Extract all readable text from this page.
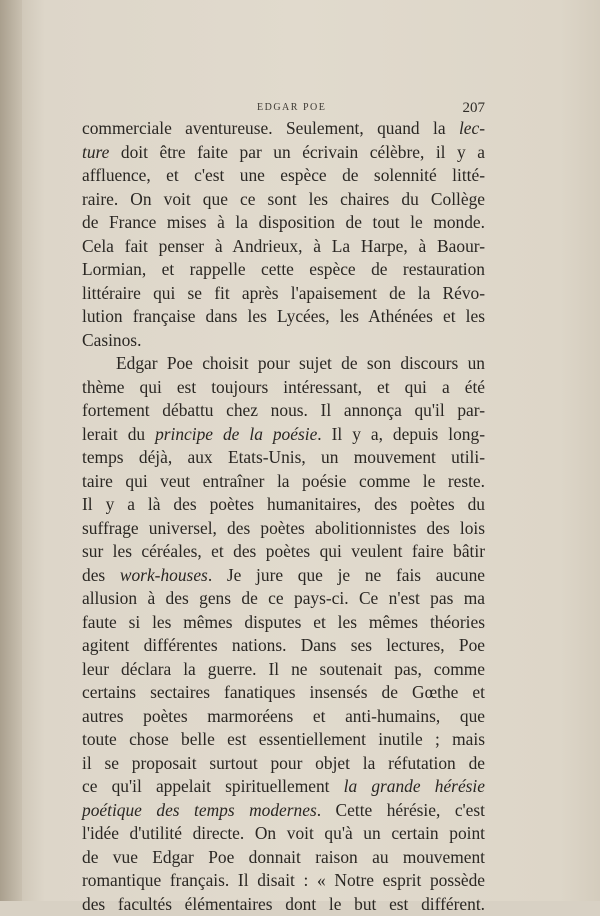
EDGAR POE	207
commerciale aventureuse. Seulement, quand la lec-
ture doit être faite par un écrivain célèbre, il y a
affluence, et c'est une espèce de solennité litté-
raire. On voit que ce sont les chaires du Collège
de France mises à la disposition de tout le monde.
Cela fait penser à Andrieux, à La Harpe, à Baour-
Lormian, et rappelle cette espèce de restauration
littéraire qui se fit après l'apaisement de la Révo-
lution française dans les Lycées, les Athénées et les
Casinos.
Edgar Poe choisit pour sujet de son discours un
thème qui est toujours intéressant, et qui a été
fortement débattu chez nous. Il annonça qu'il par-
lerait du principe de la poésie. Il y a, depuis long-
temps déjà, aux Etats-Unis, un mouvement utili-
taire qui veut entraîner la poésie comme le reste.
Il y a là des poètes humanitaires, des poètes du
suffrage universel, des poètes abolitionnistes des lois
sur les céréales, et des poètes qui veulent faire bâtir
des work-houses. Je jure que je ne fais aucune
allusion à des gens de ce pays-ci. Ce n'est pas ma
faute si les mêmes disputes et les mêmes théories
agitent différentes nations. Dans ses lectures, Poe
leur déclara la guerre. Il ne soutenait pas, comme
certains sectaires fanatiques insensés de Gœthe et
autres poètes marmoréens et anti-humains, que
toute chose belle est essentiellement inutile ; mais
il se proposait surtout pour objet la réfutation de
ce qu'il appelait spirituellement la grande hérésie
poétique des temps modernes. Cette hérésie, c'est
l'idée d'utilité directe. On voit qu'à un certain point
de vue Edgar Poe donnait raison au mouvement
romantique français. Il disait : « Notre esprit possède
des facultés élémentaires dont le but est différent.
